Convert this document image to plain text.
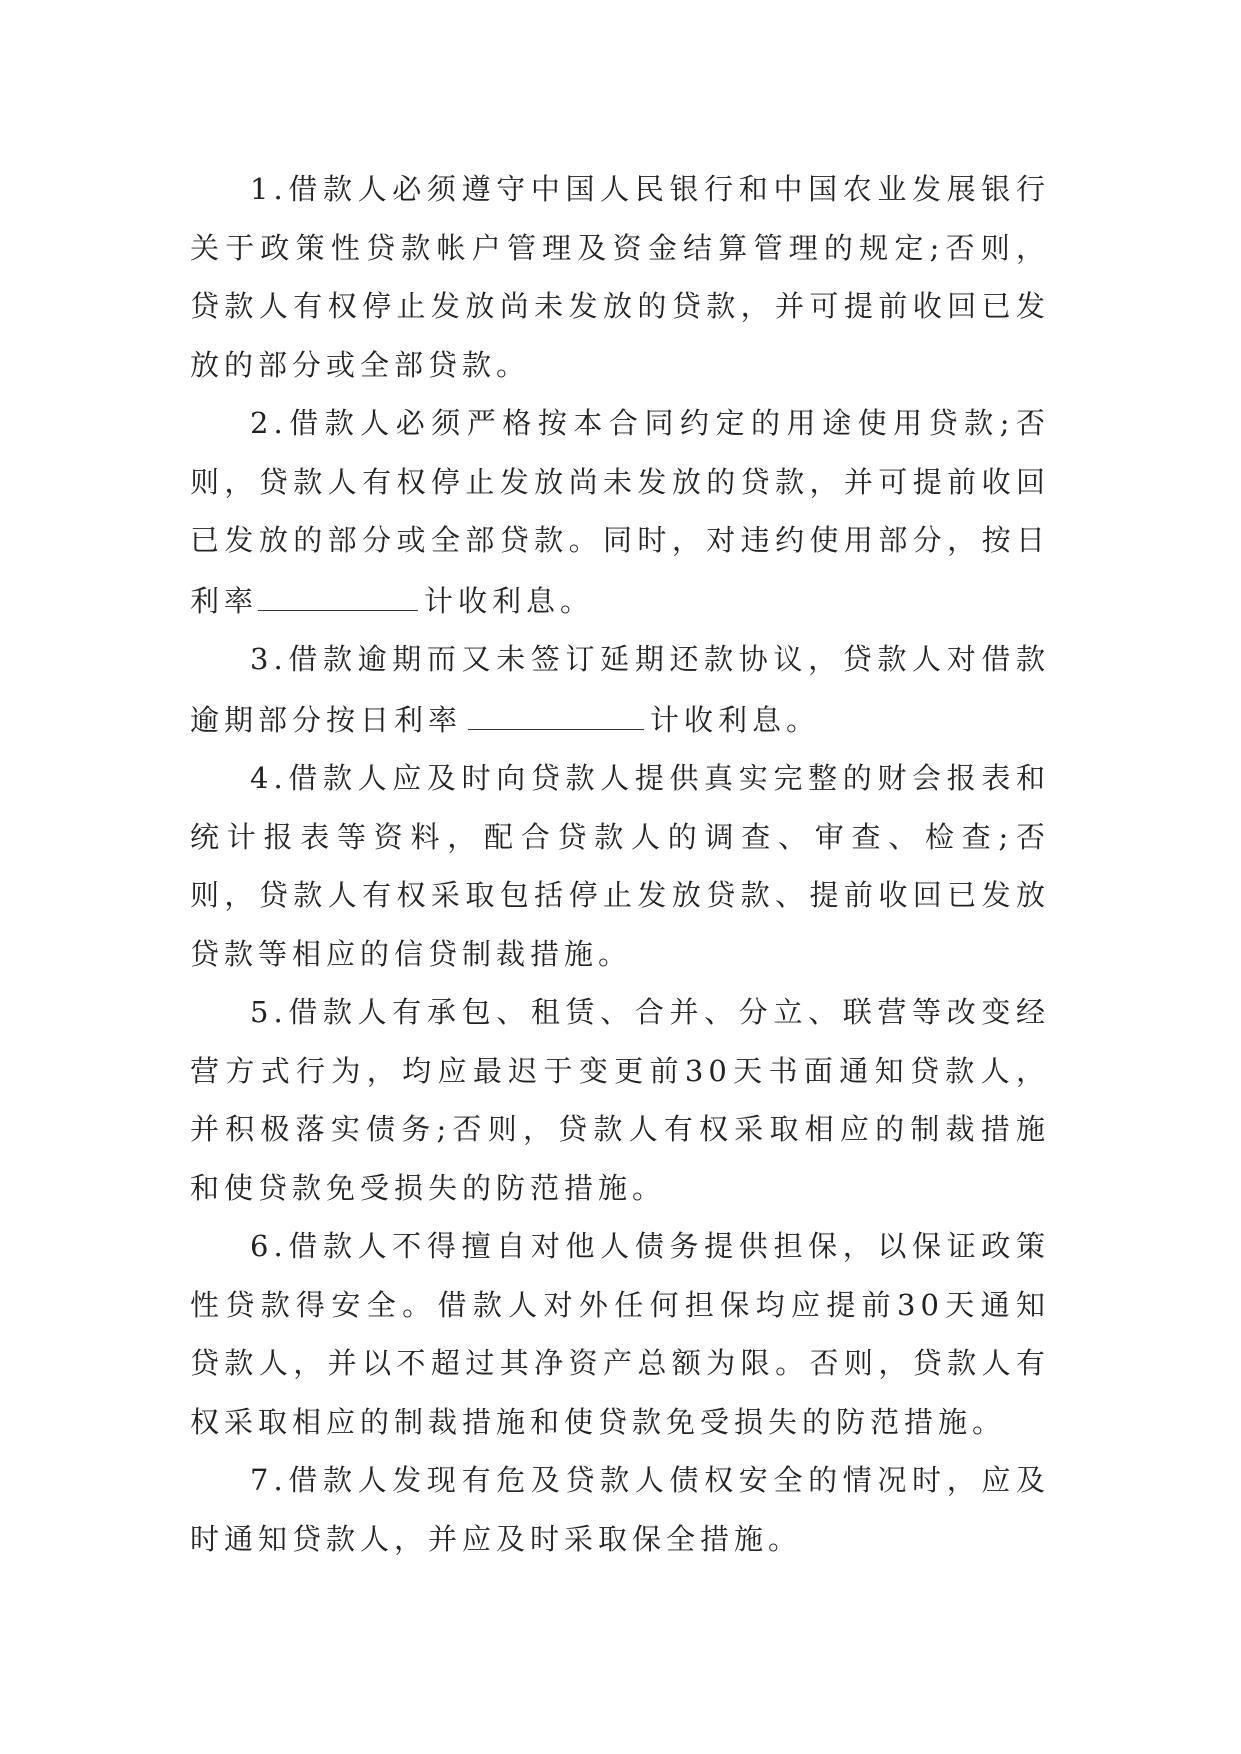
1.借款人必须遵守中国人民银行和中国农业发展银行关于政策性贷款帐户管理及资金结算管理的规定;否则，贷款人有权停止发放尚未发放的贷款，并可提前收回已发放的部分或全部贷款。

2.借款人必须严格按本合同约定的用途使用贷款;否则，贷款人有权停止发放尚未发放的贷款，并可提前收回已发放的部分或全部贷款。同时，对违约使用部分，按日利率	计收利息。

3.借款逾期而又未签订延期还款协议，贷款人对借款逾期部分按日利率	计收利息。

4.借款人应及时向贷款人提供真实完整的财会报表和统计报表等资料，配合贷款人的调查、审查、检查;否则，贷款人有权采取包括停止发放贷款、提前收回已发放贷款等相应的信贷制裁措施。

5.借款人有承包、租赁、合并、分立、联营等改变经营方式行为，均应最迟于变更前30天书面通知贷款人，并积极落实债务;否则，贷款人有权采取相应的制裁措施和使贷款免受损失的防范措施。

6.借款人不得擅自对他人债务提供担保，以保证政策性贷款得安全。借款人对外任何担保均应提前30天通知贷款人，并以不超过其净资产总额为限。否则，贷款人有权采取相应的制裁措施和使贷款免受损失的防范措施。

7.借款人发现有危及贷款人债权安全的情况时，应及时通知贷款人，并应及时采取保全措施。
